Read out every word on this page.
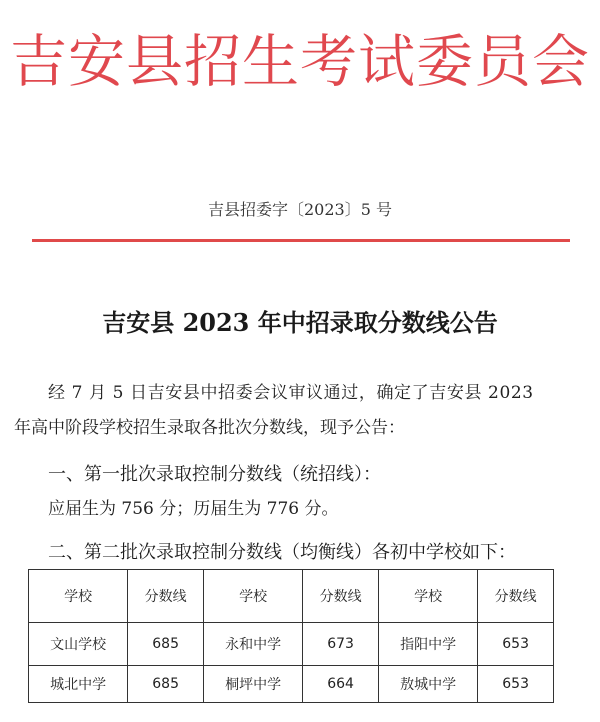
吉安县招生考试委员会
吉县招委字〔2023〕5 号
吉安县 2023 年中招录取分数线公告
经 7 月 5 日吉安县中招委会议审议通过，确定了吉安县 2023
年高中阶段学校招生录取各批次分数线，现予公告：
一、第一批次录取控制分数线（统招线）：
应届生为 756 分；历届生为 776 分。
二、第二批次录取控制分数线（均衡线）各初中学校如下：
学校	分数线	学校	分数线	学校	分数线
文山学校	685	永和中学	673	指阳中学	653
城北中学	685	桐坪中学	664	敖城中学	653
